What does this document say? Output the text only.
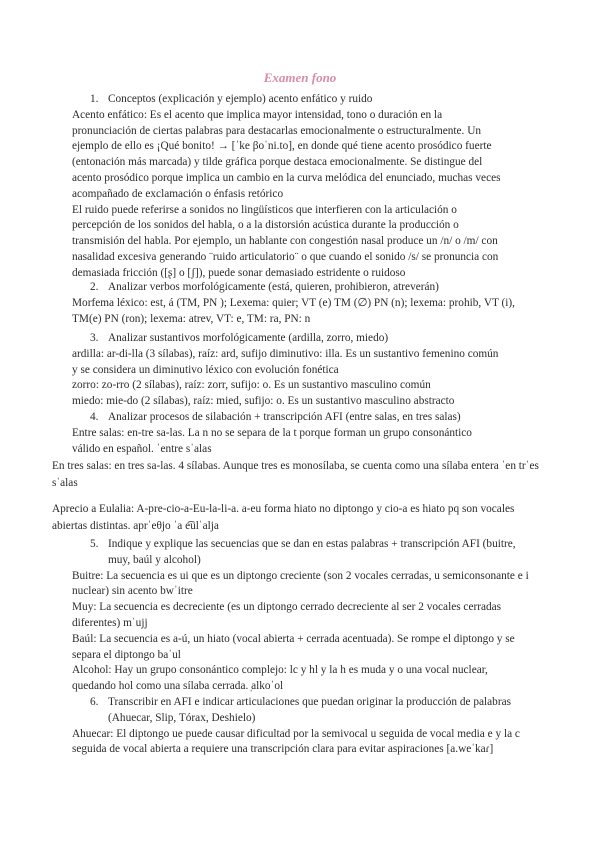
Examen fono
1. Conceptos (explicación y ejemplo) acento enfático y ruido

Acento enfático: Es el acento que implica mayor intensidad, tono o duración en la pronunciación de ciertas palabras para destacarlas emocionalmente o estructuralmente. Un ejemplo de ello es ¡Qué bonito! → [ˈke βoˈni.to], en donde qué tiene acento prosódico fuerte (entonación más marcada) y tilde gráfica porque destaca emocionalmente. Se distingue del acento prosódico porque implica un cambio en la curva melódica del enunciado, muchas veces acompañado de exclamación o énfasis retórico

El ruido puede referirse a sonidos no lingüísticos que interfieren con la articulación o percepción de los sonidos del habla, o a la distorsión acústica durante la producción o transmisión del habla. Por ejemplo, un hablante con congestión nasal produce un /n/ o /m/ con nasalidad excesiva generando ¨ruido articulatorio¨ o que cuando el sonido /s/ se pronuncia con demasiada fricción ([ʂ] o [ʃ]), puede sonar demasiado estridente o ruidoso

2. Analizar verbos morfológicamente (está, quieren, prohibieron, atreverán)

Morfema léxico: est, á (TM, PN ); Lexema: quier; VT (e) TM (∅) PN (n); lexema: prohib, VT (i), TM(e) PN (ron); lexema: atrev, VT: e, TM: ra, PN: n

3. Analizar sustantivos morfológicamente (ardilla, zorro, miedo)

ardilla: ar-di-lla (3 sílabas), raíz: ard, sufijo diminutivo: illa. Es un sustantivo femenino común y se considera un diminutivo léxico con evolución fonética

zorro: zo-rro (2 sílabas), raíz: zorr, sufijo: o. Es un sustantivo masculino común

miedo: mie-do (2 sílabas), raíz: mied, sufijo: o. Es un sustantivo masculino abstracto

4. Analizar procesos de silabación + transcripción AFI (entre salas, en tres salas)

Entre salas: en-tre sa-las. La n no se separa de la t porque forman un grupo consonántico válido en español. ˈentre sˈalas

En tres salas: en tres sa-las. 4 sílabas. Aunque tres es monosílaba, se cuenta como una sílaba entera ˈen trˈes sˈalas

Aprecio a Eulalia: A-pre-cio-a-Eu-la-li-a. a-eu forma hiato no diptongo y cio-a es hiato pq son vocales abiertas distintas. aprˈeθjo ˈa e͡ulˈalja

5. Indique y explique las secuencias que se dan en estas palabras + transcripción AFI (buitre, muy, baúl y alcohol)

Buitre: La secuencia es ui que es un diptongo creciente (son 2 vocales cerradas, u semiconsonante e i nuclear) sin acento bwˈitre

Muy: La secuencia es decreciente (es un diptongo cerrado decreciente al ser 2 vocales cerradas diferentes) mˈujj

Baúl: La secuencia es a-ú, un hiato (vocal abierta + cerrada acentuada). Se rompe el diptongo y se separa el diptongo baˈul

Alcohol: Hay un grupo consonántico complejo: lc y hl y la h es muda y o una vocal nuclear, quedando hol como una sílaba cerrada. ̩alkoˈol

6. Transcribir en AFI e indicar articulaciones que puedan originar la producción de palabras (Ahuecar, Slip, Tórax, Deshielo)

Ahuecar: El diptongo ue puede causar dificultad por la semivocal u seguida de vocal media e y la c seguida de vocal abierta a requiere una transcripción clara para evitar aspiraciones [a.weˈkaɾ]
